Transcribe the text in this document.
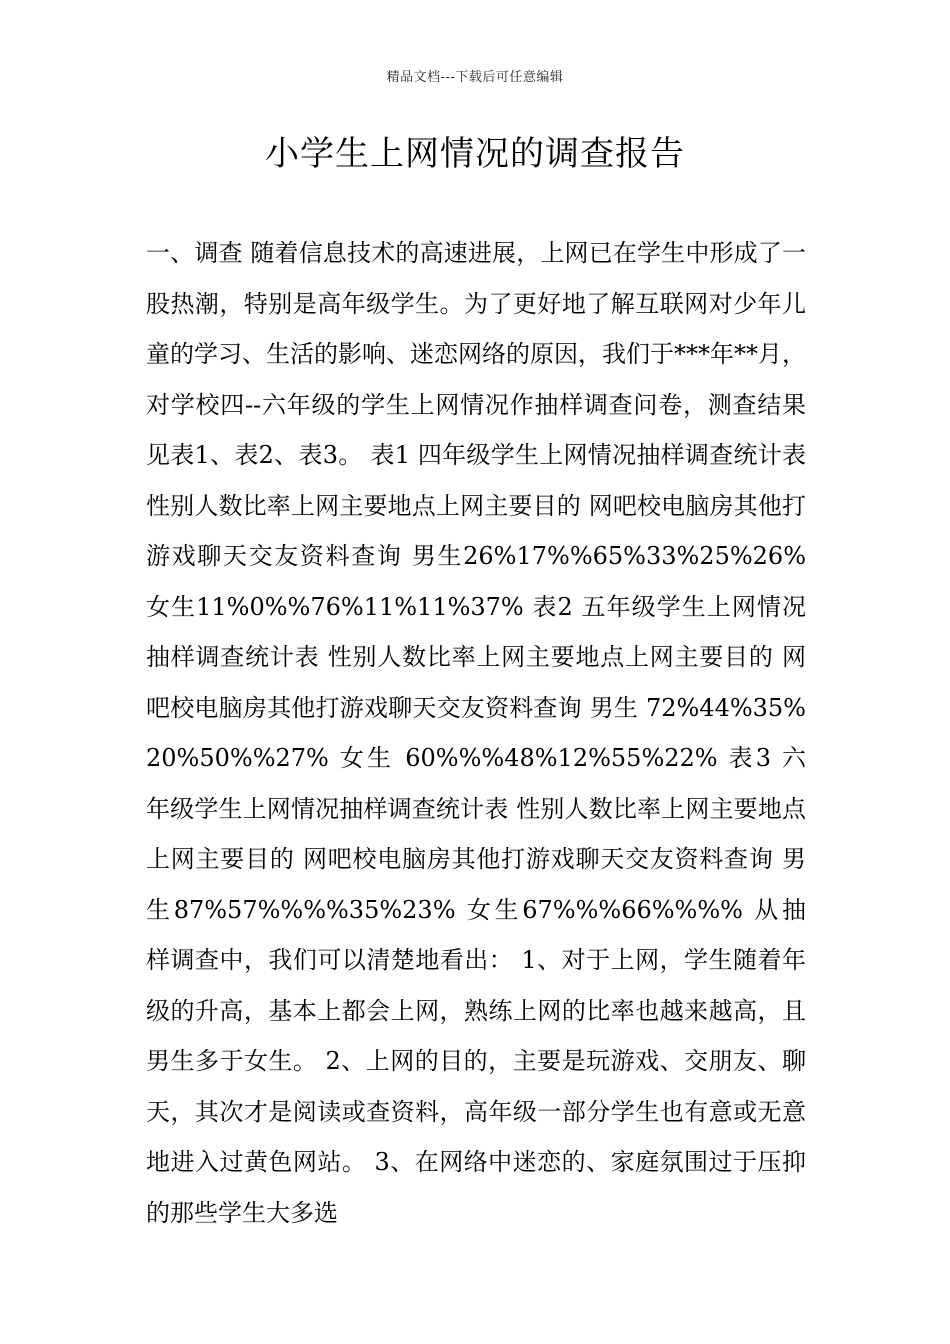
精品文档---下载后可任意编辑
小学生上网情况的调查报告

一、调查 随着信息技术的高速进展，上网已在学生中形成了一股热潮，特别是高年级学生。为了更好地了解互联网对少年儿童的学习、生活的影响、迷恋网络的原因，我们于***年**月，对学校四--六年级的学生上网情况作抽样调查问卷，测查结果见表1、表2、表3。 表1 四年级学生上网情况抽样调查统计表 性别人数比率上网主要地点上网主要目的 网吧校电脑房其他打游戏聊天交友资料查询 男生26%17%%65%33%25%26% 女生11%0%%76%11%11%37% 表2 五年级学生上网情况抽样调查统计表 性别人数比率上网主要地点上网主要目的 网吧校电脑房其他打游戏聊天交友资料查询 男生 72%44%35%20%50%%27% 女生 60%%%48%12%55%22% 表3 六年级学生上网情况抽样调查统计表 性别人数比率上网主要地点上网主要目的 网吧校电脑房其他打游戏聊天交友资料查询 男生87%57%%%%35%23% 女生67%%%66%%%% 从抽样调查中，我们可以清楚地看出： 1、对于上网，学生随着年级的升高，基本上都会上网，熟练上网的比率也越来越高，且男生多于女生。 2、上网的目的，主要是玩游戏、交朋友、聊天，其次才是阅读或查资料，高年级一部分学生也有意或无意地进入过黄色网站。 3、在网络中迷恋的、家庭氛围过于压抑的那些学生大多选
